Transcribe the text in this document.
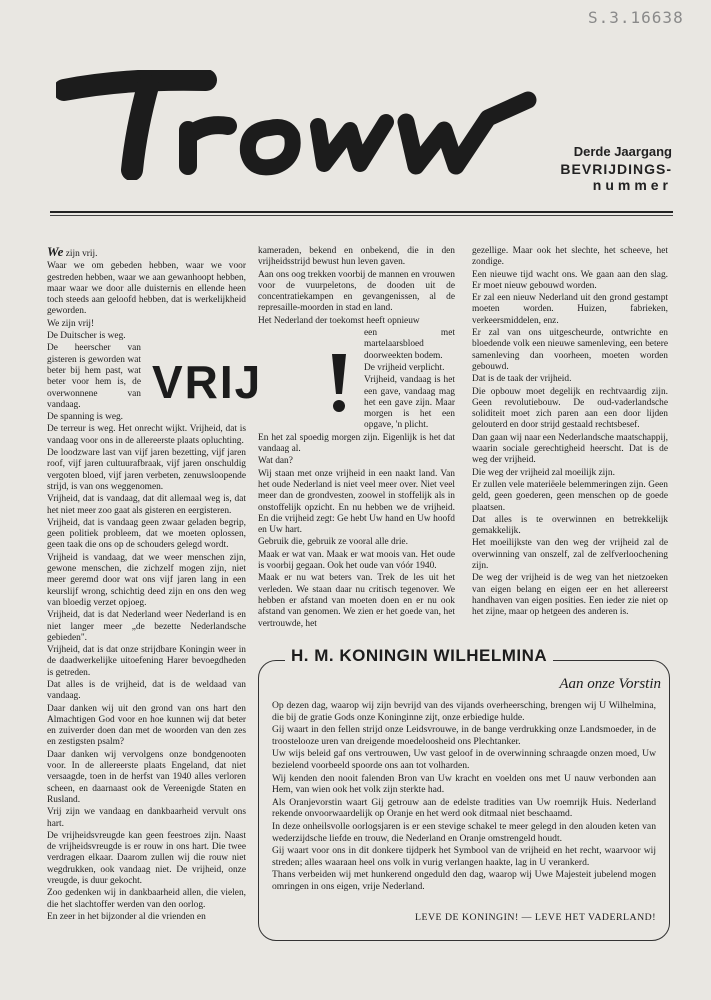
S.3.16638
Derde Jaargang
BEVRIJDINGS-
nummer

We zijn vrij.

Waar we om gebeden hebben, waar we voor gestreden hebben, waar we aan gewanhoopt hebben, maar waar we door alle duisternis en ellende heen toch steeds aan geloofd hebben, dat is werkelijkheid geworden.

We zijn vrij!

De Duitscher is weg.

De heerscher van gisteren is geworden wat beter bij hem past, wat beter voor hem is, de overwonnene van vandaag.

De spanning is weg.

De terreur is weg. Het onrecht wijkt. Vrijheid, dat is vandaag voor ons in de allereerste plaats opluchting.

De loodzware last van vijf jaren bezetting, vijf jaren roof, vijf jaren cultuurafbraak, vijf jaren onschuldig vergoten bloed, vijf jaren verbeten, zenuwsloopende strijd, is van ons weggenomen.

Vrijheid, dat is vandaag, dat dit allemaal weg is, dat het niet meer zoo gaat als gisteren en eergisteren.

Vrijheid, dat is vandaag geen zwaar geladen begrip, geen politiek probleem, dat we moeten oplossen, geen taak die ons op de schouders gelegd wordt.

Vrijheid is vandaag, dat we weer menschen zijn, gewone menschen, die zichzelf mogen zijn, niet meer geremd door wat ons vijf jaren lang in een keurslijf wrong, schichtig deed zijn en ons den weg van bloedig verzet opjoeg.

Vrijheid, dat is dat Nederland weer Nederland is en niet langer meer „de bezette Nederlandsche gebieden".

Vrijheid, dat is dat onze strijdbare Koningin weer in de daadwerkelijke uitoefening Harer bevoegdheden is getreden.

Dat alles is de vrijheid, dat is de weldaad van vandaag.

Daar danken wij uit den grond van ons hart den Almachtigen God voor en hoe kunnen wij dat beter en zuiverder doen dan met de woorden van den zes en zestigsten psalm?

Daar danken wij vervolgens onze bondgenooten voor. In de allereerste plaats Engeland, dat niet versaagde, toen in de herfst van 1940 alles verloren scheen, en daarnaast ook de Vereenigde Staten en Rusland.

Vrij zijn we vandaag en dankbaarheid vervult ons hart.

De vrijheidsvreugde kan geen feestroes zijn. Naast de vrijheidsvreugde is er rouw in ons hart. Die twee verdragen elkaar. Daarom zullen wij die rouw niet wegdrukken, ook vandaag niet. De vrijheid, onze vreugde, is duur gekocht.

Zoo gedenken wij in dankbaarheid allen, die vielen, die het slachtoffer werden van den oorlog.

En zeer in het bijzonder al die vrienden en

VRIJ

kameraden, bekend en onbekend, die in den vrijheidsstrijd bewust hun leven gaven.

Aan ons oog trekken voorbij de mannen en vrouwen voor de vuurpeletons, de dooden uit de concentratiekampen en gevangenissen, al de represaille-moorden in stad en land.

Het Nederland der toekomst heeft opnieuw

een met martelaarsbloed doorweekten bodem.

De vrijheid verplicht.

Vrijheid, vandaag is het een gave, vandaag mag het een gave zijn. Maar morgen is het een opgave, 'n plicht.

En het zal spoedig morgen zijn. Eigenlijk is het dat vandaag al.

Wat dan?

Wij staan met onze vrijheid in een naakt land. Van het oude Nederland is niet veel meer over. Niet veel meer dan de grondvesten, zoowel in stoffelijk als in onstoffelijk opzicht. En nu hebben we de vrijheid. En die vrijheid zegt: Ge hebt Uw hand en Uw hoofd en Uw hart.

Gebruik die, gebruik ze vooral alle drie.

Maak er wat van. Maak er wat moois van. Het oude is voorbij gegaan. Ook het oude van vóór 1940.

Maak er nu wat beters van. Trek de les uit het verleden. We staan daar nu critisch tegenover. We hebben er afstand van moeten doen en er nu ook afstand van genomen. We zien er het goede van, het vertrouwde, het

gezellige. Maar ook het slechte, het scheeve, het zondige.

Een nieuwe tijd wacht ons. We gaan aan den slag. Er moet nieuw gebouwd worden.

Er zal een nieuw Nederland uit den grond gestampt moeten worden. Huizen, fabrieken, verkeersmiddelen, enz.

Er zal van ons uitgescheurde, ontwrichte en bloedende volk een nieuwe samenleving, een betere samenleving dan voorheen, moeten worden gebouwd.

Dat is de taak der vrijheid.

Die opbouw moet degelijk en rechtvaardig zijn. Geen revolutiebouw. De oud-vaderlandsche soliditeit moet zich paren aan een door lijden gelouterd en door strijd gestaald rechtsbesef.

Dan gaan wij naar een Nederlandsche maatschappij, waarin sociale gerechtigheid heerscht. Dat is de weg der vrijheid.

Die weg der vrijheid zal moeilijk zijn.

Er zullen vele materiëele belemmeringen zijn. Geen geld, geen goederen, geen menschen op de goede plaatsen.

Dat alles is te overwinnen en betrekkelijk gemakkelijk.

Het moeilijkste van den weg der vrijheid zal de overwinning van onszelf, zal de zelfverloochening zijn.

De weg der vrijheid is de weg van het nietzoeken van eigen belang en eigen eer en het allereerst handhaven van eigen posities. Een ieder zie niet op het zijne, maar op hetgeen des anderen is.

H. M. KONINGIN WILHELMINA
Aan onze Vorstin

Op dezen dag, waarop wij zijn bevrijd van des vijands overheersching, brengen wij U Wilhelmina, die bij de gratie Gods onze Koninginne zijt, onze erbiedige hulde.

Gij waart in den fellen strijd onze Leidsvrouwe, in de bange verdrukking onze Landsmoeder, in de troostelooze uren van dreigende moedeloosheid ons Plechtanker.

Uw wijs beleid gaf ons vertrouwen, Uw vast geloof in de overwinning schraagde onzen moed, Uw bezielend voorbeeld spoorde ons aan tot volharden.

Wij kenden den nooit falenden Bron van Uw kracht en voelden ons met U nauw verbonden aan Hem, van wien ook het volk zijn sterkte had.

Als Oranjevorstin waart Gij getrouw aan de edelste tradities van Uw roemrijk Huis. Nederland rekende onvoorwaardelijk op Oranje en het werd ook ditmaal niet beschaamd.

In deze onheilsvolle oorlogsjaren is er een stevige schakel te meer gelegd in den alouden keten van wederzijdsche liefde en trouw, die Nederland en Oranje omstrengeld houdt.

Gij waart voor ons in dit donkere tijdperk het Symbool van de vrijheid en het recht, waarvoor wij streden; alles waaraan heel ons volk in vurig verlangen haakte, lag in U verankerd.

Thans verbeiden wij met hunkerend ongeduld den dag, waarop wij Uwe Majesteit jubelend mogen omringen in ons eigen, vrije Nederland.

LEVE DE KONINGIN! — LEVE HET VADERLAND!
